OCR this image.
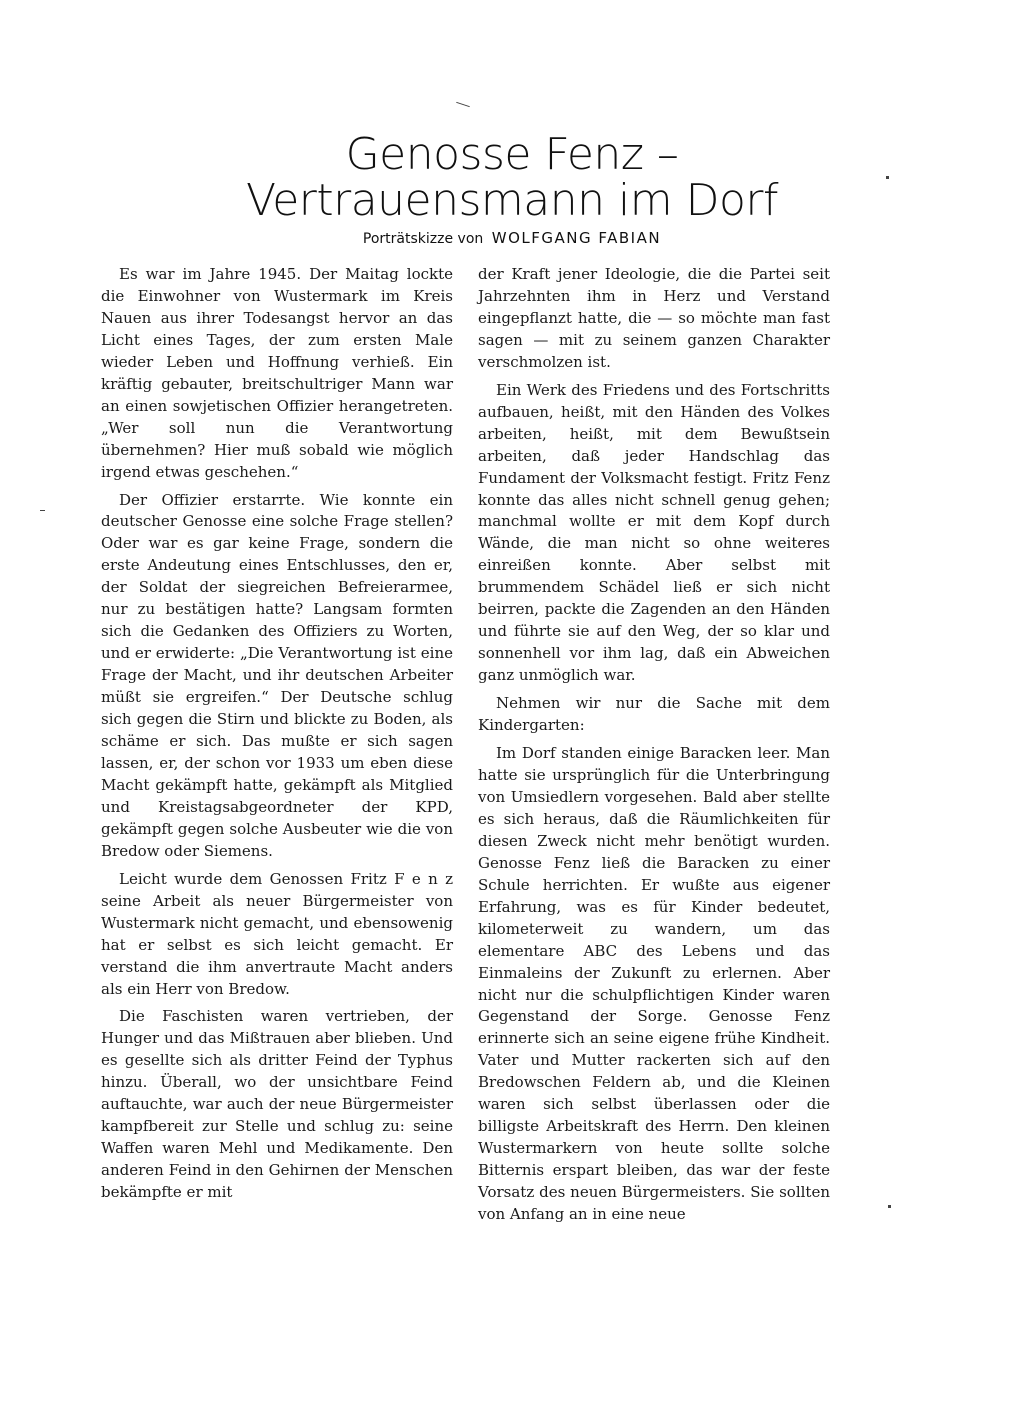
Genosse Fenz –
Vertrauensmann im Dorf
Porträtskizze von WOLFGANG FABIAN

Es war im Jahre 1945. Der Maitag lockte die Einwohner von Wustermark im Kreis Nauen aus ihrer Todesangst hervor an das Licht eines Tages, der zum ersten Male wieder Leben und Hoffnung verhieß. Ein kräftig gebauter, breitschultriger Mann war an einen sowjetischen Offizier herangetreten. „Wer soll nun die Verantwortung übernehmen? Hier muß sobald wie möglich irgend etwas geschehen.“

Der Offizier erstarrte. Wie konnte ein deutscher Genosse eine solche Frage stellen? Oder war es gar keine Frage, sondern die erste Andeutung eines Entschlusses, den er, der Soldat der siegreichen Befreierarmee, nur zu bestätigen hatte? Langsam formten sich die Gedanken des Offiziers zu Worten, und er erwiderte: „Die Verantwortung ist eine Frage der Macht, und ihr deutschen Arbeiter müßt sie ergreifen.“ Der Deutsche schlug sich gegen die Stirn und blickte zu Boden, als schäme er sich. Das mußte er sich sagen lassen, er, der schon vor 1933 um eben diese Macht gekämpft hatte, gekämpft als Mitglied und Kreistagsabgeordneter der KPD, gekämpft gegen solche Ausbeuter wie die von Bredow oder Siemens.

Leicht wurde dem Genossen Fritz F e n z seine Arbeit als neuer Bürgermeister von Wustermark nicht gemacht, und ebensowenig hat er selbst es sich leicht gemacht. Er verstand die ihm anvertraute Macht anders als ein Herr von Bredow.

Die Faschisten waren vertrieben, der Hunger und das Mißtrauen aber blieben. Und es gesellte sich als dritter Feind der Typhus hinzu. Überall, wo der unsichtbare Feind auftauchte, war auch der neue Bürgermeister kampfbereit zur Stelle und schlug zu: seine Waffen waren Mehl und Medikamente. Den anderen Feind in den Gehirnen der Menschen bekämpfte er mit

der Kraft jener Ideologie, die die Partei seit Jahrzehnten ihm in Herz und Verstand eingepflanzt hatte, die — so möchte man fast sagen — mit zu seinem ganzen Charakter verschmolzen ist.

Ein Werk des Friedens und des Fortschritts aufbauen, heißt, mit den Händen des Volkes arbeiten, heißt, mit dem Bewußtsein arbeiten, daß jeder Handschlag das Fundament der Volksmacht festigt. Fritz Fenz konnte das alles nicht schnell genug gehen; manchmal wollte er mit dem Kopf durch Wände, die man nicht so ohne weiteres einreißen konnte. Aber selbst mit brummendem Schädel ließ er sich nicht beirren, packte die Zagenden an den Händen und führte sie auf den Weg, der so klar und sonnenhell vor ihm lag, daß ein Abweichen ganz unmöglich war.

Nehmen wir nur die Sache mit dem Kindergarten:

Im Dorf standen einige Baracken leer. Man hatte sie ursprünglich für die Unterbringung von Umsiedlern vorgesehen. Bald aber stellte es sich heraus, daß die Räumlichkeiten für diesen Zweck nicht mehr benötigt wurden. Genosse Fenz ließ die Baracken zu einer Schule herrichten. Er wußte aus eigener Erfahrung, was es für Kinder bedeutet, kilometerweit zu wandern, um das elementare ABC des Lebens und das Einmaleins der Zukunft zu erlernen. Aber nicht nur die schulpflichtigen Kinder waren Gegenstand der Sorge. Genosse Fenz erinnerte sich an seine eigene frühe Kindheit. Vater und Mutter rackerten sich auf den Bredowschen Feldern ab, und die Kleinen waren sich selbst überlassen oder die billigste Arbeitskraft des Herrn. Den kleinen Wustermarkern von heute sollte solche Bitternis erspart bleiben, das war der feste Vorsatz des neuen Bürgermeisters. Sie sollten von Anfang an in eine neue
